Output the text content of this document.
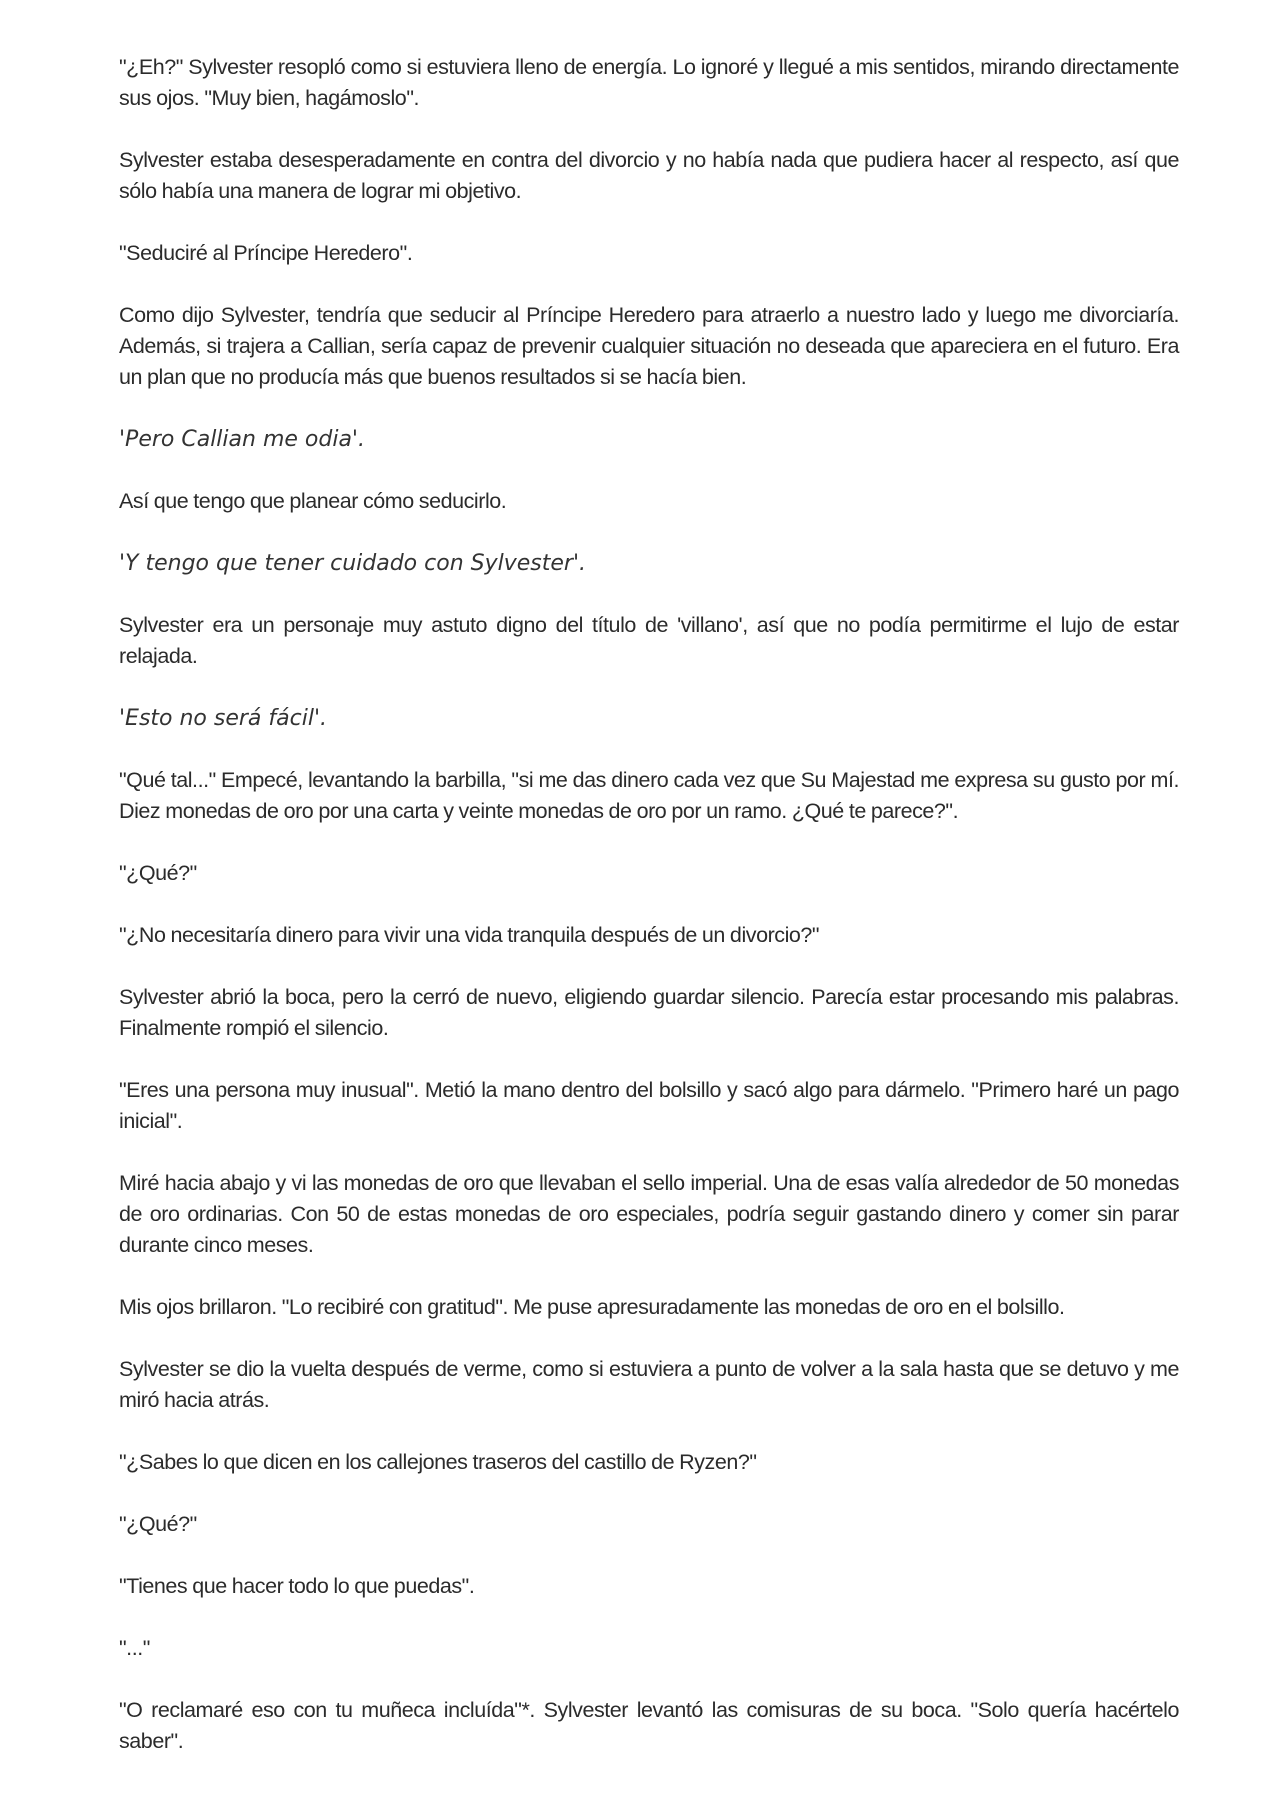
"¿Eh?" Sylvester resopló como si estuviera lleno de energía. Lo ignoré y llegué a mis sentidos, mirando directamente sus ojos. "Muy bien, hagámoslo".

Sylvester estaba desesperadamente en contra del divorcio y no había nada que pudiera hacer al respecto, así que sólo había una manera de lograr mi objetivo.

"Seduciré al Príncipe Heredero".

Como dijo Sylvester, tendría que seducir al Príncipe Heredero para atraerlo a nuestro lado y luego me divorciaría. Además, si trajera a Callian, sería capaz de prevenir cualquier situación no deseada que apareciera en el futuro. Era un plan que no producía más que buenos resultados si se hacía bien.

'Pero Callian me odia'.

Así que tengo que planear cómo seducirlo.

'Y tengo que tener cuidado con Sylvester'.

Sylvester era un personaje muy astuto digno del título de 'villano', así que no podía permitirme el lujo de estar relajada.

'Esto no será fácil'.

"Qué tal..." Empecé, levantando la barbilla, "si me das dinero cada vez que Su Majestad me expresa su gusto por mí. Diez monedas de oro por una carta y veinte monedas de oro por un ramo. ¿Qué te parece?".

"¿Qué?"

"¿No necesitaría dinero para vivir una vida tranquila después de un divorcio?"

Sylvester abrió la boca, pero la cerró de nuevo, eligiendo guardar silencio. Parecía estar procesando mis palabras. Finalmente rompió el silencio.

"Eres una persona muy inusual". Metió la mano dentro del bolsillo y sacó algo para dármelo. "Primero haré un pago inicial".

Miré hacia abajo y vi las monedas de oro que llevaban el sello imperial. Una de esas valía alrededor de 50 monedas de oro ordinarias. Con 50 de estas monedas de oro especiales, podría seguir gastando dinero y comer sin parar durante cinco meses.

Mis ojos brillaron. "Lo recibiré con gratitud". Me puse apresuradamente las monedas de oro en el bolsillo.

Sylvester se dio la vuelta después de verme, como si estuviera a punto de volver a la sala hasta que se detuvo y me miró hacia atrás.

"¿Sabes lo que dicen en los callejones traseros del castillo de Ryzen?"

"¿Qué?"

"Tienes que hacer todo lo que puedas".

"..."

"O reclamaré eso con tu muñeca incluída"*. Sylvester levantó las comisuras de su boca. "Solo quería hacértelo saber".
